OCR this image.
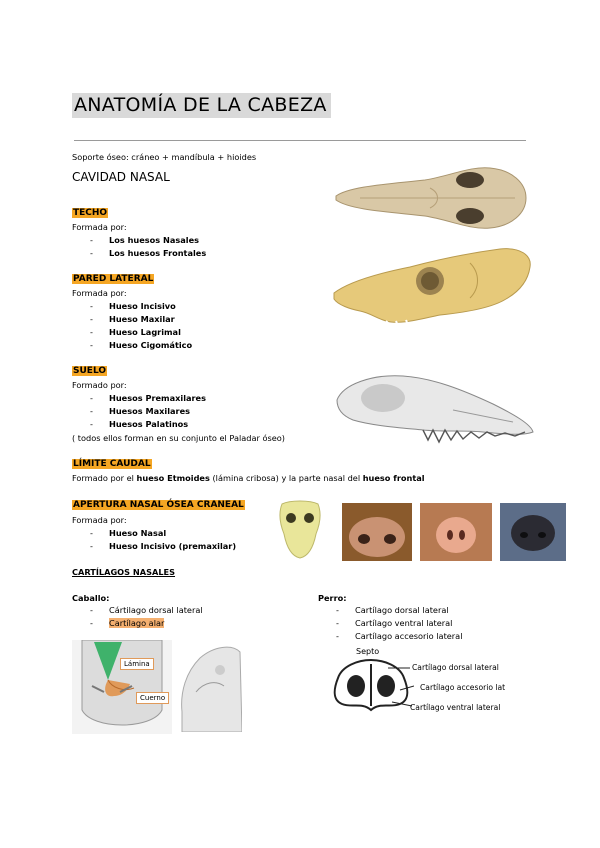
ANATOMÍA DE LA CABEZA
Soporte óseo: cráneo + mandíbula + hioides
CAVIDAD NASAL
TECHO
Formada por:
- Los huesos Nasales
- Los huesos Frontales
PARED LATERAL
Formada por:
- Hueso Incisivo
- Hueso Maxilar
- Hueso Lagrimal
- Hueso Cigomático
SUELO
Formado por:
- Huesos Premaxilares
- Huesos Maxilares
- Huesos Palatinos
( todos ellos forman en su conjunto el Paladar óseo)
LÍMITE CAUDAL
Formado por el hueso Etmoides (lámina cribosa) y la parte nasal del hueso frontal
APERTURA NASAL ÓSEA CRANEAL
Formada por:
- Hueso Nasal
- Hueso Incisivo (premaxilar)
CARTÍLAGOS NASALES
Caballo:
- Cártilago dorsal lateral
- Cartílago alar
Perro:
- Cartílago dorsal lateral
- Cartílago ventral lateral
- Cartílago accesorio lateral
Lámina
Cuerno
Septo
Cartílago dorsal lateral
Cartílago accesorio lat
Cartílago ventral lateral
